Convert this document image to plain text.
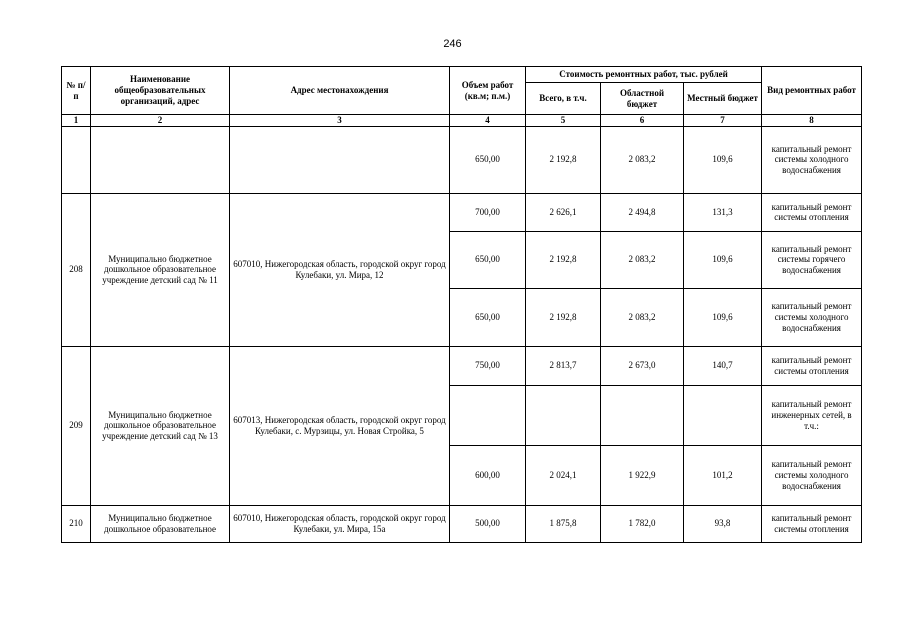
246
№ п/п	Наименование общеобразовательных организаций, адрес	Адрес местонахождения	Объем работ (кв.м; п.м.)	Стоимость ремонтных работ, тыс. рублей			Вид ремонтных работ
				Всего, в т.ч.	Областной бюджет	Местный бюджет	
1	2	3	4	5	6	7	8
			650,00	2 192,8	2 083,2	109,6	капитальный ремонт системы холодного водоснабжения
208	Муниципально бюджетное дошкольное образовательное учреждение детский сад № 11	607010, Нижегородская область, городской округ город Кулебаки, ул. Мира, 12	700,00	2 626,1	2 494,8	131,3	капитальный ремонт системы отопления
			650,00	2 192,8	2 083,2	109,6	капитальный ремонт системы горячего водоснабжения
			650,00	2 192,8	2 083,2	109,6	капитальный ремонт системы холодного водоснабжения
209	Муниципально бюджетное дошкольное образовательное учреждение детский сад № 13	607013, Нижегородская область, городской округ город Кулебаки, с. Мурзицы, ул. Новая Стройка, 5	750,00	2 813,7	2 673,0	140,7	капитальный ремонт системы отопления
							капитальный ремонт инженерных сетей, в т.ч.:
			600,00	2 024,1	1 922,9	101,2	капитальный ремонт системы холодного водоснабжения
210	Муниципально бюджетное дошкольное образовательное	607010, Нижегородская область, городской округ город Кулебаки, ул. Мира, 15а	500,00	1 875,8	1 782,0	93,8	капитальный ремонт системы отопления
